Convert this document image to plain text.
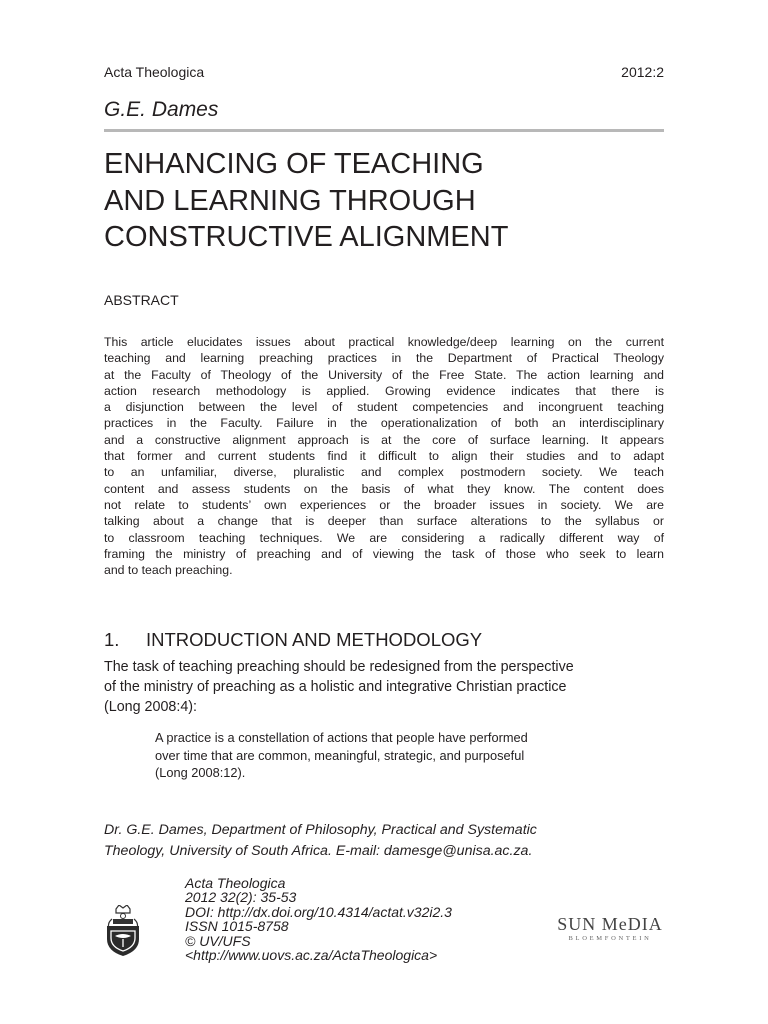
Acta Theologica	2012:2
G.E. Dames
ENHANCING OF TEACHING
AND LEARNING THROUGH
CONSTRUCTIVE ALIGNMENT
ABSTRACT
This article elucidates issues about practical knowledge/deep learning on the current
teaching and learning preaching practices in the Department of Practical Theology
at the Faculty of Theology of the University of the Free State. The action learning and
action research methodology is applied. Growing evidence indicates that there is
a disjunction between the level of student competencies and incongruent teaching
practices in the Faculty. Failure in the operationalization of both an interdisciplinary
and a constructive alignment approach is at the core of surface learning. It appears
that former and current students find it difficult to align their studies and to adapt
to an unfamiliar, diverse, pluralistic and complex postmodern society. We teach
content and assess students on the basis of what they know. The content does
not relate to students’ own experiences or the broader issues in society. We are
talking about a change that is deeper than surface alterations to the syllabus or
to classroom teaching techniques. We are considering a radically different way of
framing the ministry of preaching and of viewing the task of those who seek to learn
and to teach preaching.
1. INTRODUCTION AND METHODOLOGY
The task of teaching preaching should be redesigned from the perspective
of the ministry of preaching as a holistic and integrative Christian practice
(Long 2008:4):
A practice is a constellation of actions that people have performed
over time that are common, meaningful, strategic, and purposeful
(Long 2008:12).
Dr. G.E. Dames, Department of Philosophy, Practical and Systematic
Theology, University of South Africa. E-mail: damesge@unisa.ac.za.
Acta Theologica
2012 32(2): 35-53
DOI: http://dx.doi.org/10.4314/actat.v32i2.3
ISSN 1015-8758
© UV/UFS
<http://www.uovs.ac.za/ActaTheologica>
SUN MeDIA
BLOEMFONTEIN
